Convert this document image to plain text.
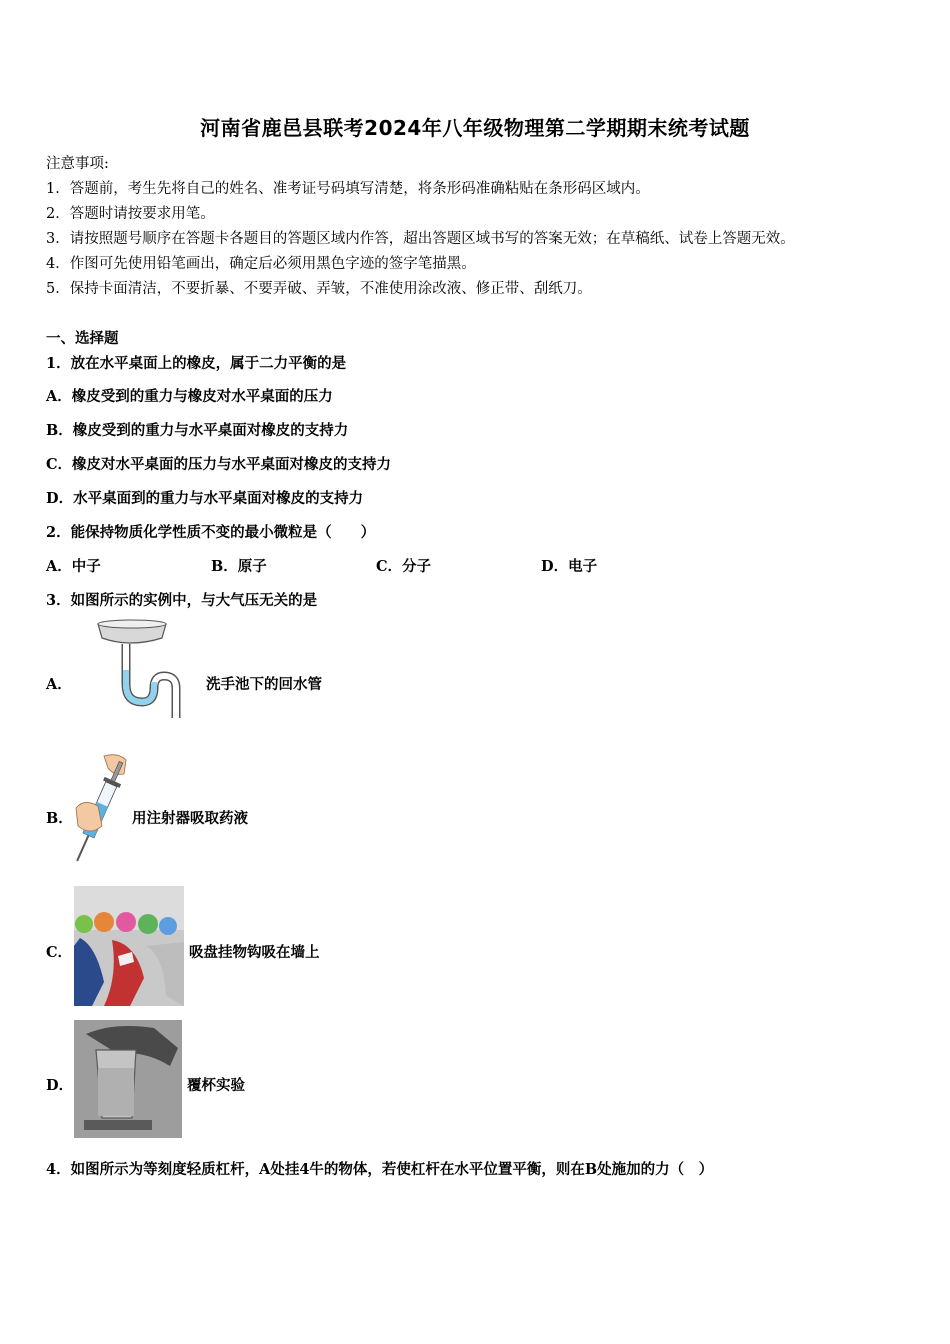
河南省鹿邑县联考2024年八年级物理第二学期期末统考试题
注意事项:
1．答题前，考生先将自己的姓名、准考证号码填写清楚，将条形码准确粘贴在条形码区域内。
2．答题时请按要求用笔。
3．请按照题号顺序在答题卡各题目的答题区域内作答，超出答题区域书写的答案无效；在草稿纸、试卷上答题无效。
4．作图可先使用铅笔画出，确定后必须用黑色字迹的签字笔描黑。
5．保持卡面清洁，不要折暴、不要弄破、弄皱，不准使用涂改液、修正带、刮纸刀。
一、选择题
1．放在水平桌面上的橡皮，属于二力平衡的是
A．橡皮受到的重力与橡皮对水平桌面的压力
B．橡皮受到的重力与水平桌面对橡皮的支持力
C．橡皮对水平桌面的压力与水平桌面对橡皮的支持力
D．水平桌面到的重力与水平桌面对橡皮的支持力
2．能保持物质化学性质不变的最小微粒是（　　）
A．中子	B．原子	C．分子	D．电子
3．如图所示的实例中，与大气压无关的是
A．	洗手池下的回水管
B．	用注射器吸取药液
C．	吸盘挂物钩吸在墙上
D．	覆杯实验
4．如图所示为等刻度轻质杠杆，A处挂4牛的物体，若使杠杆在水平位置平衡，则在B处施加的力（　）
